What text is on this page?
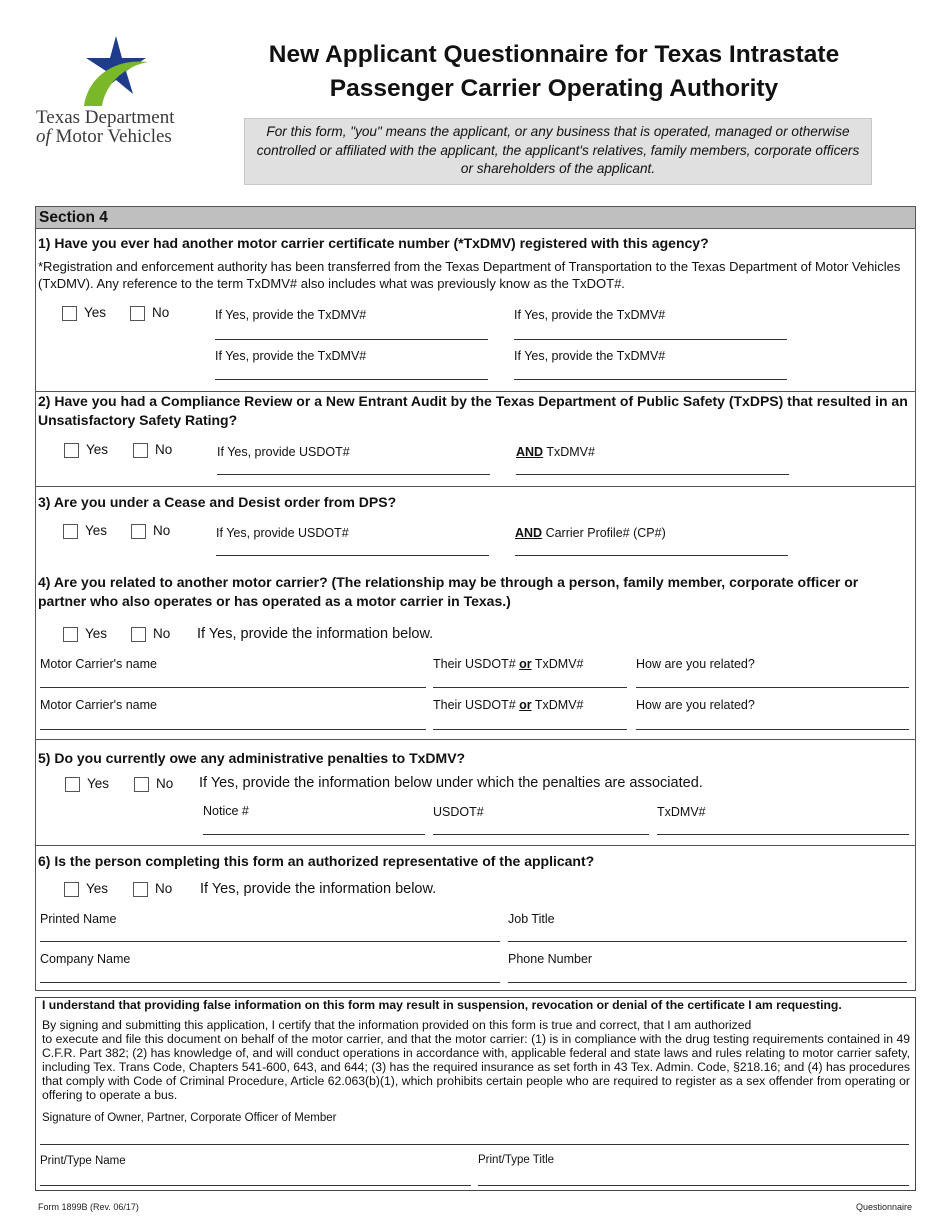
Texas Department
of Motor Vehicles
New Applicant Questionnaire for Texas Intrastate
Passenger Carrier Operating Authority
For this form, "you" means the applicant, or any business that is operated, managed or otherwise controlled or affiliated with the applicant, the applicant's relatives, family members, corporate officers or shareholders of the applicant.
Section 4
1) Have you ever had another motor carrier certificate number (*TxDMV) registered with this agency?
*Registration and enforcement authority has been transferred from the Texas Department of Transportation to the Texas Department of Motor Vehicles (TxDMV). Any reference to the term TxDMV# also includes what was previously know as the TxDOT#.
Yes	No	If Yes, provide the TxDMV#	If Yes, provide the TxDMV#
If Yes, provide the TxDMV#	If Yes, provide the TxDMV#
2) Have you had a Compliance Review or a New Entrant Audit by the Texas Department of Public Safety (TxDPS) that resulted in an Unsatisfactory Safety Rating?
Yes	No	If Yes, provide USDOT#	AND TxDMV#
3) Are you under a Cease and Desist order from DPS?
Yes	No	If Yes, provide USDOT#	AND Carrier Profile# (CP#)
4) Are you related to another motor carrier? (The relationship may be through a person, family member, corporate officer or partner who also operates or has operated as a motor carrier in Texas.)
Yes	No If Yes, provide the information below.
Motor Carrier's name	Their USDOT# or TxDMV#	How are you related?
Motor Carrier's name	Their USDOT# or TxDMV#	How are you related?
5) Do you currently owe any administrative penalties to TxDMV?
Yes	No If Yes, provide the information below under which the penalties are associated.
Notice #	USDOT#	TxDMV#
6) Is the person completing this form an authorized representative of the applicant?
Yes	No If Yes, provide the information below.
Printed Name	Job Title
Company Name	Phone Number
I understand that providing false information on this form may result in suspension, revocation or denial of the certificate I am requesting.
By signing and submitting this application, I certify that the information provided on this form is true and correct, that I am authorized
to execute and file this document on behalf of the motor carrier, and that the motor carrier: (1) is in compliance with the drug testing requirements contained in 49 C.F.R. Part 382; (2) has knowledge of, and will conduct operations in accordance with, applicable federal and state laws and rules relating to motor carrier safety, including Tex. Trans Code, Chapters 541-600, 643, and 644; (3) has the required insurance as set forth in 43 Tex. Admin. Code, §218.16; and (4) has procedures that comply with Code of Criminal Procedure, Article 62.063(b)(1), which prohibits certain people who are required to register as a sex offender from operating or offering to operate a bus.
Signature of Owner, Partner, Corporate Officer of Member
Print/Type Name	Print/Type Title
Form 1899B (Rev. 06/17)	Questionnaire
